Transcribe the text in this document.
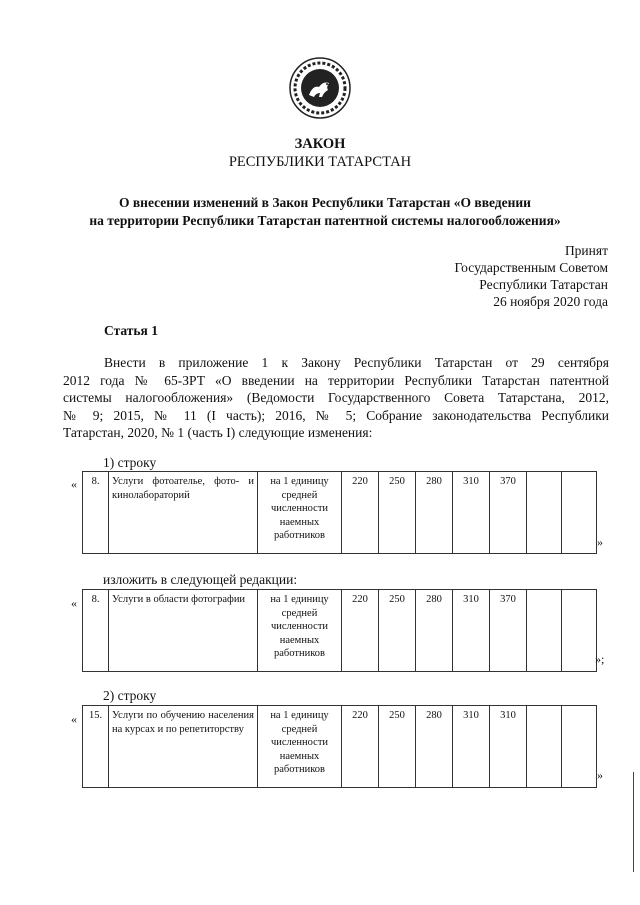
ЗАКОН
РЕСПУБЛИКИ ТАТАРСТАН
О внесении изменений в Закон Республики Татарстан «О введении
на территории Республики Татарстан патентной системы налогообложения»
Принят
Государственным Советом
Республики Татарстан
26 ноября 2020 года
Статья 1
Внести в приложение 1 к Закону Республики Татарстан от 29 сентября
2012 года № 65-ЗРТ «О введении на территории Республики Татарстан патентной
системы налогообложения» (Ведомости Государственного Совета Татарстана, 2012,
№ 9; 2015, № 11 (I часть); 2016, № 5; Собрание законодательства Республики
Татарстан, 2020, № 1 (часть I) следующие изменения:
1) строку
« 8.	Услуги фотоателье, фото- и кинолабораторий	на 1 единицу средней численности наемных работников	220	250	280	310	370		
»
изложить в следующей редакции:
« 8.	Услуги в области фотографии	на 1 единицу средней численности наемных работников	220	250	280	310	370		
»;
2) строку
« 15.	Услуги по обучению населения на курсах и по репетиторству	на 1 единицу средней численности наемных работников	220	250	280	310	310		
»
